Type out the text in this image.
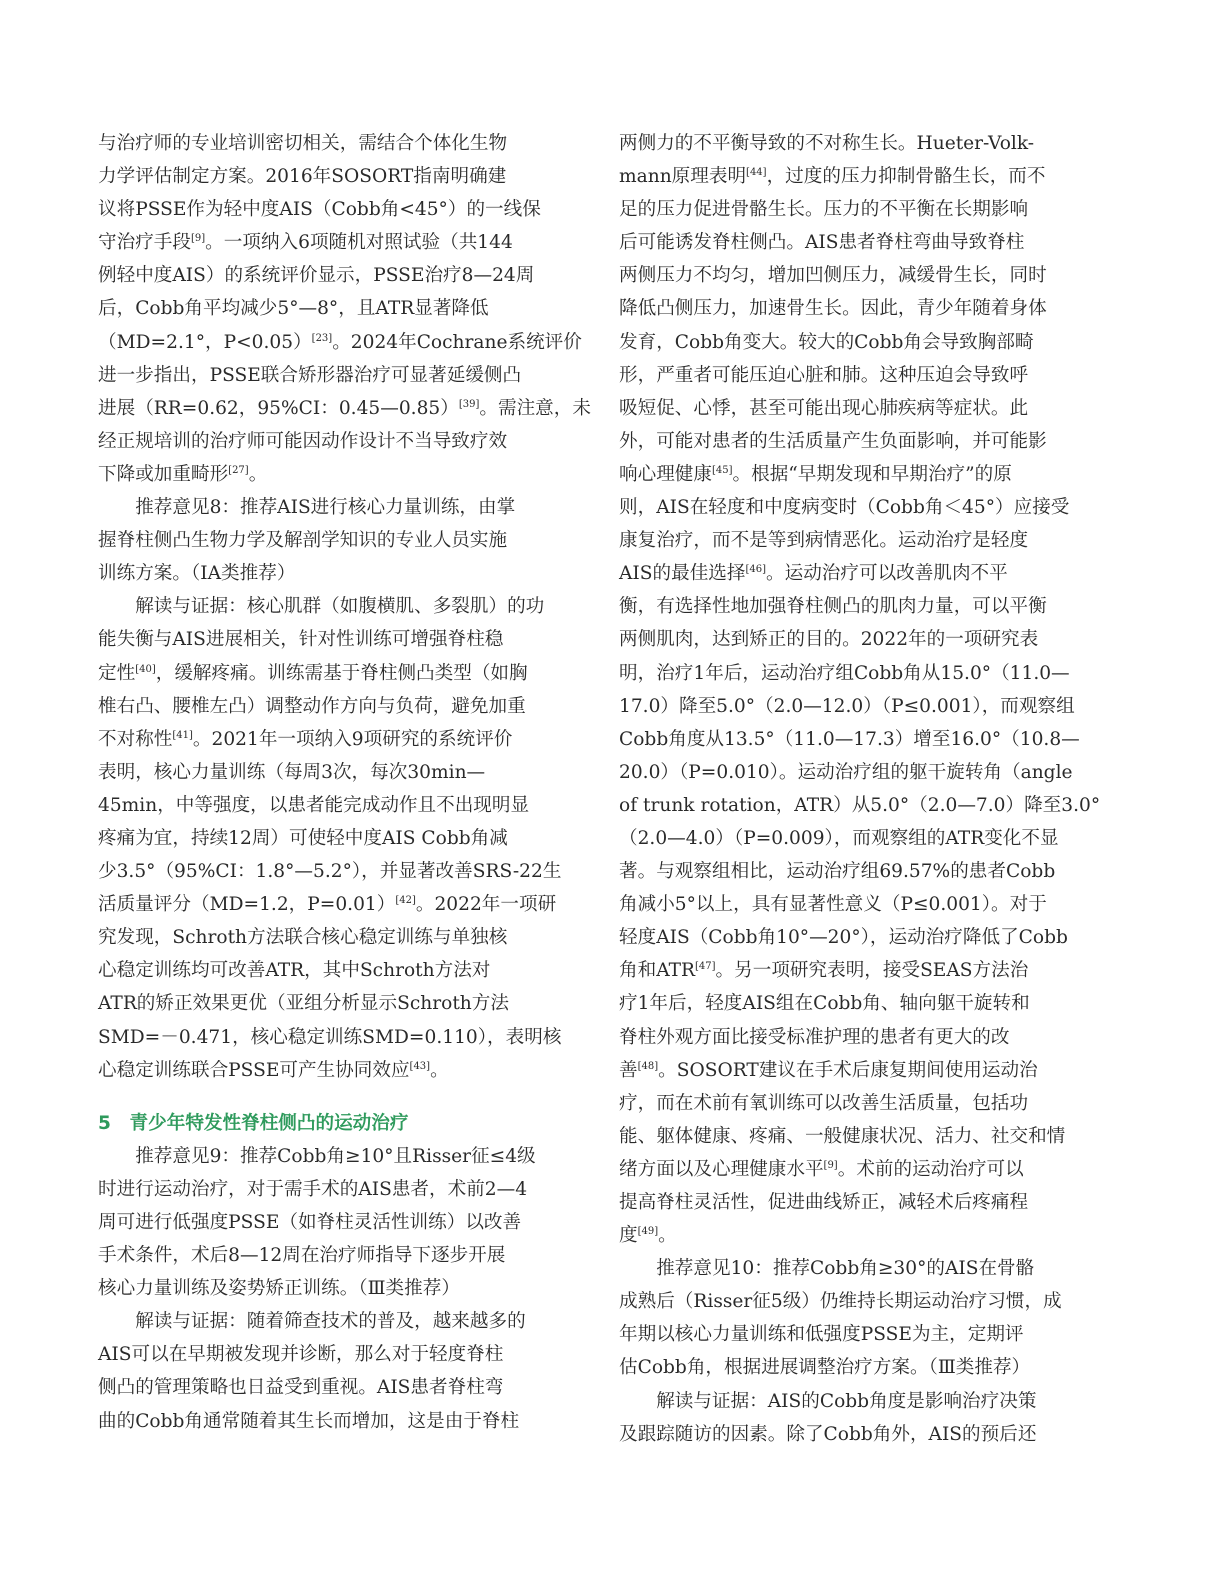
与治疗师的专业培训密切相关，需结合个体化生物
力学评估制定方案。2016年SOSORT指南明确建
议将PSSE作为轻中度AIS（Cobb角<45°）的一线保
守治疗手段[9]。一项纳入6项随机对照试验（共144
例轻中度AIS）的系统评价显示，PSSE治疗8—24周
后，Cobb角平均减少5°—8°，且ATR显著降低
（MD=2.1°，P<0.05）[23]。2024年Cochrane系统评价
进一步指出，PSSE联合矫形器治疗可显著延缓侧凸
进展（RR=0.62，95%CI：0.45—0.85）[39]。需注意，未
经正规培训的治疗师可能因动作设计不当导致疗效
下降或加重畸形[27]。
　　推荐意见8：推荐AIS进行核心力量训练，由掌
握脊柱侧凸生物力学及解剖学知识的专业人员实施
训练方案。（ⅠA类推荐）
　　解读与证据：核心肌群（如腹横肌、多裂肌）的功
能失衡与AIS进展相关，针对性训练可增强脊柱稳
定性[40]，缓解疼痛。训练需基于脊柱侧凸类型（如胸
椎右凸、腰椎左凸）调整动作方向与负荷，避免加重
不对称性[41]。2021年一项纳入9项研究的系统评价
表明，核心力量训练（每周3次，每次30min—
45min，中等强度，以患者能完成动作且不出现明显
疼痛为宜，持续12周）可使轻中度AIS Cobb角减
少3.5°（95%CI：1.8°—5.2°），并显著改善SRS-22生
活质量评分（MD=1.2，P=0.01）[42]。2022年一项研
究发现，Schroth方法联合核心稳定训练与单独核
心稳定训练均可改善ATR，其中Schroth方法对
ATR的矫正效果更优（亚组分析显示Schroth方法
SMD=－0.471，核心稳定训练SMD=0.110），表明核
心稳定训练联合PSSE可产生协同效应[43]。
5　青少年特发性脊柱侧凸的运动治疗
　　推荐意见9：推荐Cobb角≥10°且Risser征≤4级
时进行运动治疗，对于需手术的AIS患者，术前2—4
周可进行低强度PSSE（如脊柱灵活性训练）以改善
手术条件，术后8—12周在治疗师指导下逐步开展
核心力量训练及姿势矫正训练。（Ⅲ类推荐）
　　解读与证据：随着筛查技术的普及，越来越多的
AIS可以在早期被发现并诊断，那么对于轻度脊柱
侧凸的管理策略也日益受到重视。AIS患者脊柱弯
曲的Cobb角通常随着其生长而增加，这是由于脊柱
两侧力的不平衡导致的不对称生长。Hueter-Volk-
mann原理表明[44]，过度的压力抑制骨骼生长，而不
足的压力促进骨骼生长。压力的不平衡在长期影响
后可能诱发脊柱侧凸。AIS患者脊柱弯曲导致脊柱
两侧压力不均匀，增加凹侧压力，减缓骨生长，同时
降低凸侧压力，加速骨生长。因此，青少年随着身体
发育，Cobb角变大。较大的Cobb角会导致胸部畸
形，严重者可能压迫心脏和肺。这种压迫会导致呼
吸短促、心悸，甚至可能出现心肺疾病等症状。此
外，可能对患者的生活质量产生负面影响，并可能影
响心理健康[45]。根据“早期发现和早期治疗”的原
则，AIS在轻度和中度病变时（Cobb角＜45°）应接受
康复治疗，而不是等到病情恶化。运动治疗是轻度
AIS的最佳选择[46]。运动治疗可以改善肌肉不平
衡，有选择性地加强脊柱侧凸的肌肉力量，可以平衡
两侧肌肉，达到矫正的目的。2022年的一项研究表
明，治疗1年后，运动治疗组Cobb角从15.0°（11.0—
17.0）降至5.0°（2.0—12.0）（P≤0.001），而观察组
Cobb角度从13.5°（11.0—17.3）增至16.0°（10.8—
20.0）（P=0.010）。运动治疗组的躯干旋转角（angle
of trunk rotation，ATR）从5.0°（2.0—7.0）降至3.0°
（2.0—4.0）（P=0.009），而观察组的ATR变化不显
著。与观察组相比，运动治疗组69.57%的患者Cobb
角减小5°以上，具有显著性意义（P≤0.001）。对于
轻度AIS（Cobb角10°—20°），运动治疗降低了Cobb
角和ATR[47]。另一项研究表明，接受SEAS方法治
疗1年后，轻度AIS组在Cobb角、轴向躯干旋转和
脊柱外观方面比接受标准护理的患者有更大的改
善[48]。SOSORT建议在手术后康复期间使用运动治
疗，而在术前有氧训练可以改善生活质量，包括功
能、躯体健康、疼痛、一般健康状况、活力、社交和情
绪方面以及心理健康水平[9]。术前的运动治疗可以
提高脊柱灵活性，促进曲线矫正，减轻术后疼痛程
度[49]。
　　推荐意见10：推荐Cobb角≥30°的AIS在骨骼
成熟后（Risser征5级）仍维持长期运动治疗习惯，成
年期以核心力量训练和低强度PSSE为主，定期评
估Cobb角，根据进展调整治疗方案。（Ⅲ类推荐）
　　解读与证据：AIS的Cobb角度是影响治疗决策
及跟踪随访的因素。除了Cobb角外，AIS的预后还
